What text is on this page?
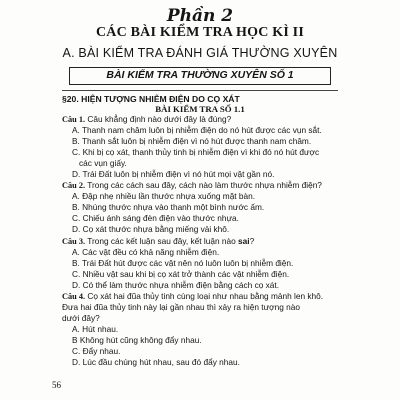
Phần 2
CÁC BÀI KIỂM TRA HỌC KÌ II
A. BÀI KIỂM TRA ĐÁNH GIÁ THƯỜNG XUYÊN
BÀI KIỂM TRA THƯỜNG XUYÊN SỐ 1
§20. HIỆN TƯỢNG NHIỄM ĐIỆN DO CỌ XÁT
BÀI KIỂM TRA SỐ 1.1
Câu 1. Câu khẳng định nào dưới đây là đúng?
A. Thanh nam châm luôn bị nhiễm điện do nó hút được các vụn sắt.
B. Thanh sắt luôn bị nhiễm điện vì nó hút được thanh nam châm.
C. Khi bị cọ xát, thanh thủy tinh bị nhiễm điện vì khi đó nó hút được
các vụn giấy.
D. Trái Đất luôn bị nhiễm điện vì nó hút mọi vật gần nó.
Câu 2. Trong các cách sau đây, cách nào làm thước nhựa nhiễm điện?
A. Đập nhẹ nhiều lần thước nhựa xuống mặt bàn.
B. Nhúng thước nhựa vào thanh một bình nước ấm.
C. Chiếu ánh sáng đèn điện vào thước nhựa.
D. Cọ xát thước nhựa bằng miếng vải khô.
Câu 3. Trong các kết luận sau đây, kết luận nào sai?
A. Các vật đều có khả năng nhiễm điện.
B. Trái Đất hút được các vật nên nó luôn luôn bị nhiễm điện.
C. Nhiều vật sau khi bị cọ xát trở thành các vật nhiễm điện.
D. Có thể làm thước nhựa nhiễm điện bằng cách cọ xát.
Câu 4. Cọ xát hai đũa thủy tinh cùng loại như nhau bằng mảnh len khô.
Đưa hai đũa thủy tinh này lại gần nhau thì xảy ra hiện tượng nào
dưới đây?
A. Hút nhau.
B Không hút cũng không đẩy nhau.
C. Đẩy nhau.
D. Lúc đầu chúng hút nhau, sau đó đẩy nhau.
56
